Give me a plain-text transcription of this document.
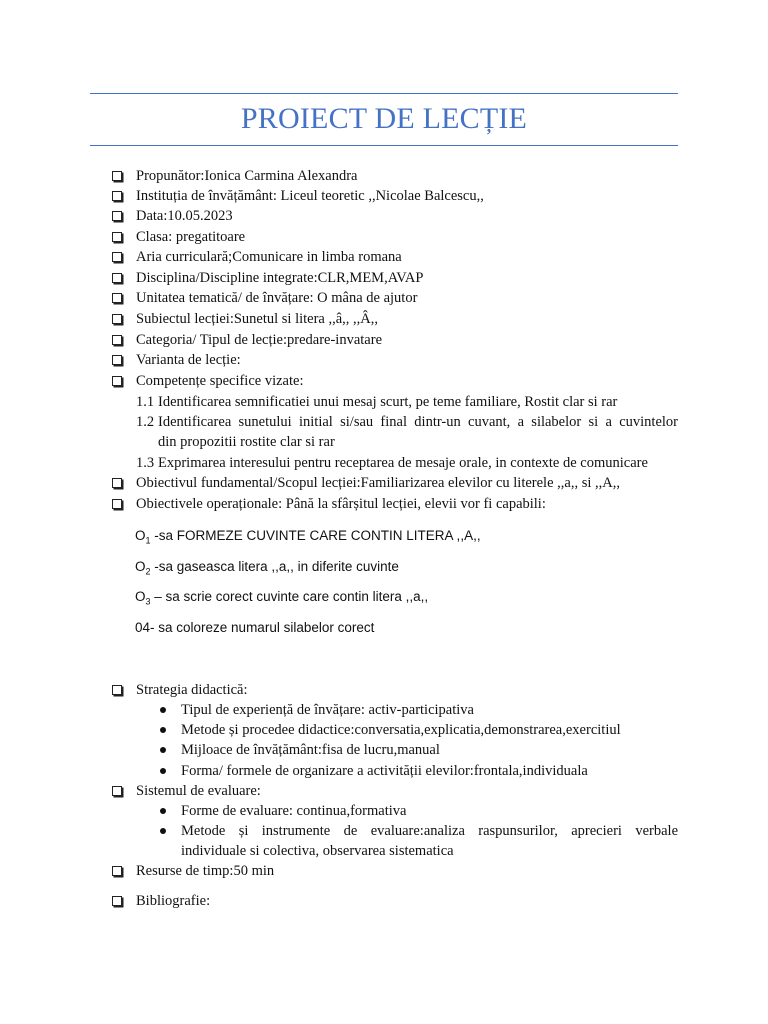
PROIECT DE LECȚIE
Propunător:Ionica Carmina Alexandra
Instituția de învățământ: Liceul teoretic ,,Nicolae Balcescu,,
Data:10.05.2023
Clasa: pregatitoare
Aria curriculară;Comunicare in limba romana
Disciplina/Discipline integrate:CLR,MEM,AVAP
Unitatea tematică/ de învățare: O mâna de ajutor
Subiectul lecției:Sunetul si litera ,,â,, ,,Â,,
Categoria/ Tipul de lecție:predare-invatare
Varianta de lecție:
Competențe specifice vizate:
1.1 Identificarea semnificatiei unui mesaj scurt, pe teme familiare, Rostit clar si rar
1.2 Identificarea sunetului initial si/sau final dintr-un cuvant, a silabelor si a cuvintelor
din propozitii rostite clar si rar
1.3 Exprimarea interesului pentru receptarea de mesaje orale, in contexte de comunicare
Obiectivul fundamental/Scopul lecției:Familiarizarea elevilor cu literele ,,a,, si ,,A,,
Obiectivele operaționale: Până la sfârșitul lecției, elevii vor fi capabili:
$O_1$ -sa FORMEZE CUVINTE CARE CONTIN LITERA ,,A,,
$O_2$ -sa gaseasca litera ,,a,, in diferite cuvinte
$O_3$ – sa scrie corect cuvinte care contin litera ,,a,,
04- sa coloreze numarul silabelor corect
Strategia didactică:
Tipul de experiență de învățare: activ-participativa
Metode și procedee didactice:conversatia,explicatia,demonstrarea,exercitiul
Mijloace de învățământ:fisa de lucru,manual
Forma/ formele de organizare a activității elevilor:frontala,individuala
Sistemul de evaluare:
Forme de evaluare: continua,formativa
Metode și instrumente de evaluare:analiza raspunsurilor, aprecieri verbale
individuale si colectiva, observarea sistematica
Resurse de timp:50 min
Bibliografie:
